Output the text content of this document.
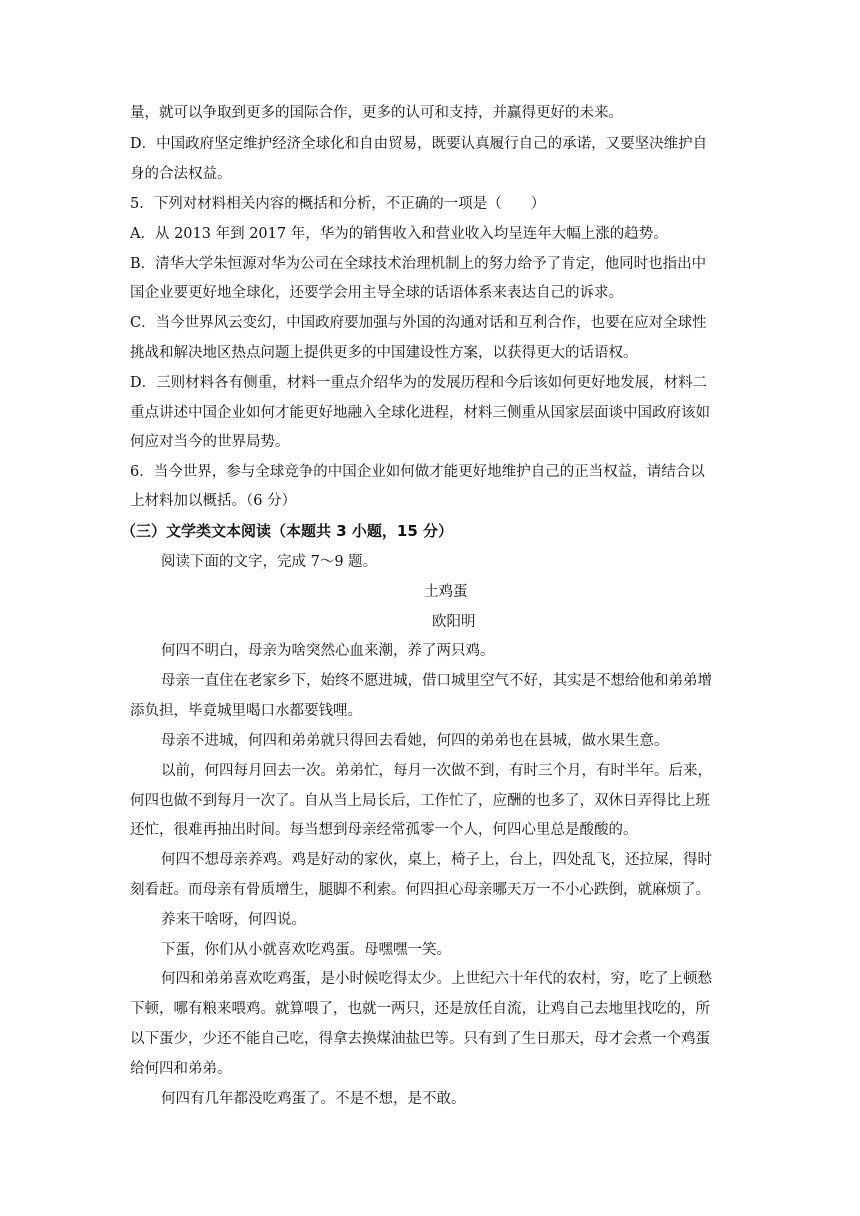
量，就可以争取到更多的国际合作，更多的认可和支持，并赢得更好的未来。
D．中国政府坚定维护经济全球化和自由贸易，既要认真履行自己的承诺，又要坚决维护自
身的合法权益。
5．下列对材料相关内容的概括和分析，不正确的一项是（　　）
A．从 2013 年到 2017 年，华为的销售收入和营业收入均呈连年大幅上涨的趋势。
B．清华大学朱恒源对华为公司在全球技术治理机制上的努力给予了肯定，他同时也指出中
国企业要更好地全球化，还要学会用主导全球的话语体系来表达自己的诉求。
C．当今世界风云变幻，中国政府要加强与外国的沟通对话和互利合作，也要在应对全球性
挑战和解决地区热点问题上提供更多的中国建设性方案，以获得更大的话语权。
D．三则材料各有侧重，材料一重点介绍华为的发展历程和今后该如何更好地发展，材料二
重点讲述中国企业如何才能更好地融入全球化进程，材料三侧重从国家层面谈中国政府该如
何应对当今的世界局势。
6．当今世界，参与全球竞争的中国企业如何做才能更好地维护自己的正当权益，请结合以
上材料加以概括。（6 分）
（三）文学类文本阅读（本题共 3 小题，15 分）
阅读下面的文字，完成 7～9 题。
土鸡蛋
欧阳明
何四不明白，母亲为啥突然心血来潮，养了两只鸡。
母亲一直住在老家乡下，始终不愿进城，借口城里空气不好，其实是不想给他和弟弟增
添负担，毕竟城里喝口水都要钱哩。
母亲不进城，何四和弟弟就只得回去看她，何四的弟弟也在县城，做水果生意。
以前，何四每月回去一次。弟弟忙，每月一次做不到，有时三个月，有时半年。后来，
何四也做不到每月一次了。自从当上局长后，工作忙了，应酬的也多了，双休日弄得比上班
还忙，很难再抽出时间。每当想到母亲经常孤零一个人，何四心里总是酸酸的。
何四不想母亲养鸡。鸡是好动的家伙，桌上，椅子上，台上，四处乱飞，还拉屎，得时
刻看赶。而母亲有骨质增生，腿脚不利索。何四担心母亲哪天万一不小心跌倒，就麻烦了。
养来干啥呀，何四说。
下蛋，你们从小就喜欢吃鸡蛋。母嘿嘿一笑。
何四和弟弟喜欢吃鸡蛋，是小时候吃得太少。上世纪六十年代的农村，穷，吃了上顿愁
下顿，哪有粮来喂鸡。就算喂了，也就一两只，还是放任自流，让鸡自己去地里找吃的，所
以下蛋少，少还不能自己吃，得拿去换煤油盐巴等。只有到了生日那天，母才会煮一个鸡蛋
给何四和弟弟。
何四有几年都没吃鸡蛋了。不是不想，是不敢。
